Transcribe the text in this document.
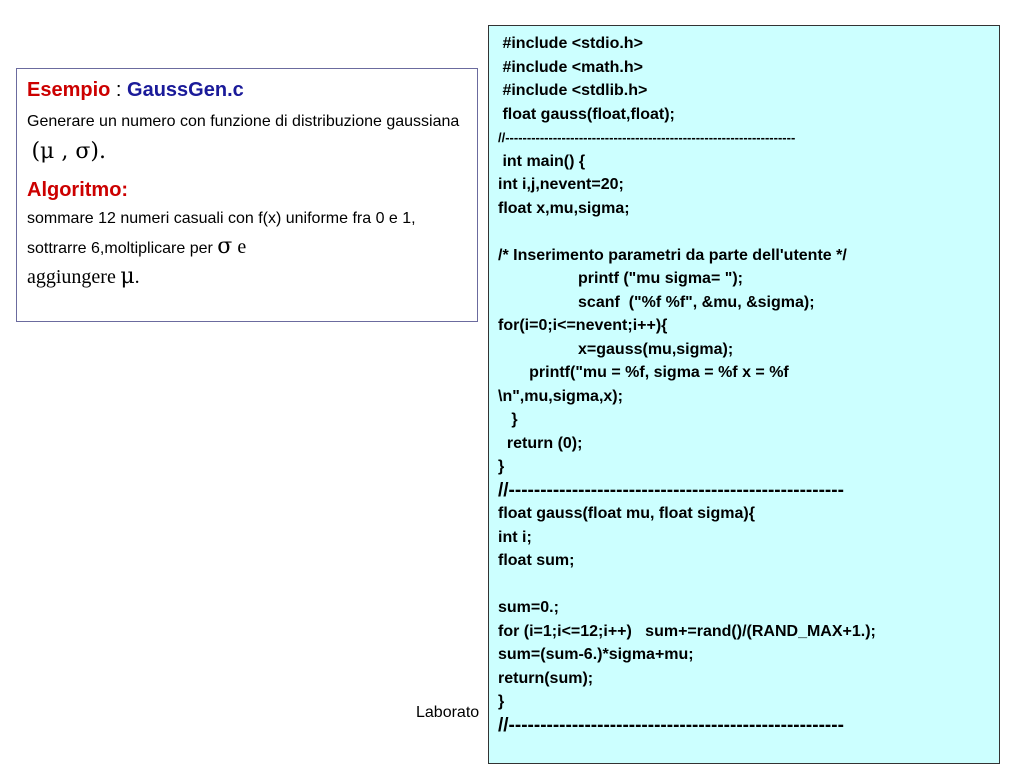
Esempio : GaussGen.c
Generare un numero con funzione di distribuzione gaussiana  (μ , σ).
Algoritmo:
sommare 12 numeri casuali con f(x) uniforme fra 0 e 1, sottrarre 6,moltiplicare per σ e
aggiungere μ.
Laborato
#include <stdio.h>
#include <math.h>
#include <stdlib.h>
float gauss(float,float);
//-------------------------------------------------------------------
int main() {
int i,j,nevent=20;
float x,mu,sigma;
/* Inserimento parametri da parte dell'utente */
printf ("mu sigma= ");
scanf  ("%f %f", &mu, &sigma);
for(i=0;i<=nevent;i++){
x=gauss(mu,sigma);
printf("mu = %f, sigma = %f x = %f
\n",mu,sigma,x);
}
return (0);
}
//-----------------------------------------------------
float gauss(float mu, float sigma){
int i;
float sum;
sum=0.;
for (i=1;i<=12;i++)   sum+=rand()/(RAND_MAX+1.);
sum=(sum-6.)*sigma+mu;
return(sum);
}
//-----------------------------------------------------
